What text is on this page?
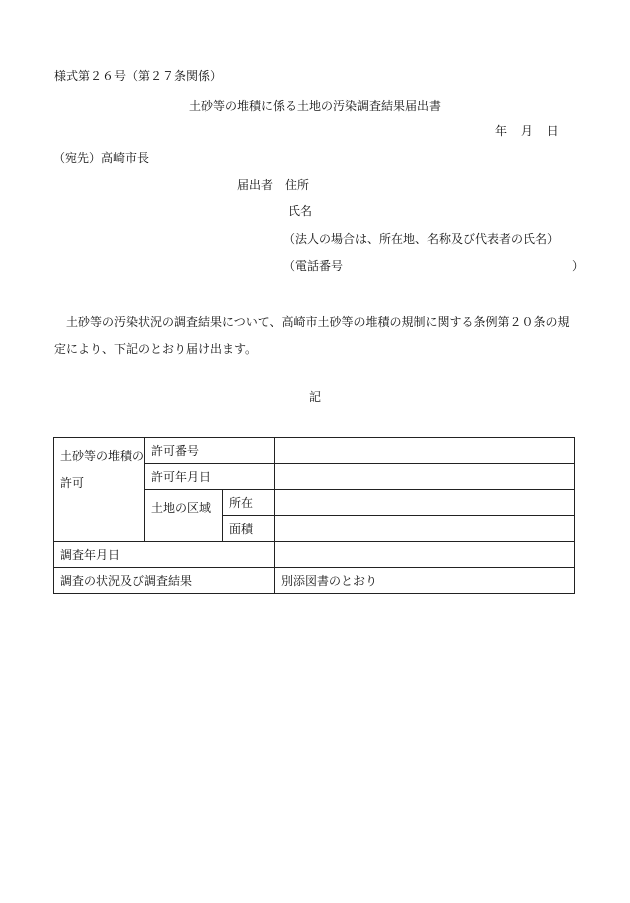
様式第２６号（第２７条関係）
土砂等の堆積に係る土地の汚染調査結果届出書
年 月 日
（宛先）高崎市長
届出者　住所
氏名
（法人の場合は、所在地、名称及び代表者の氏名）
（電話番号	）
土砂等の汚染状況の調査結果について、高崎市土砂等の堆積の規制に関する条例第２０条の規定により、下記のとおり届け出ます。
記
土砂等の堆積の許可	許可番号		
	許可年月日		
	土地の区域	所在	
		面積	
調査年月日			
調査の状況及び調査結果			別添図書のとおり
